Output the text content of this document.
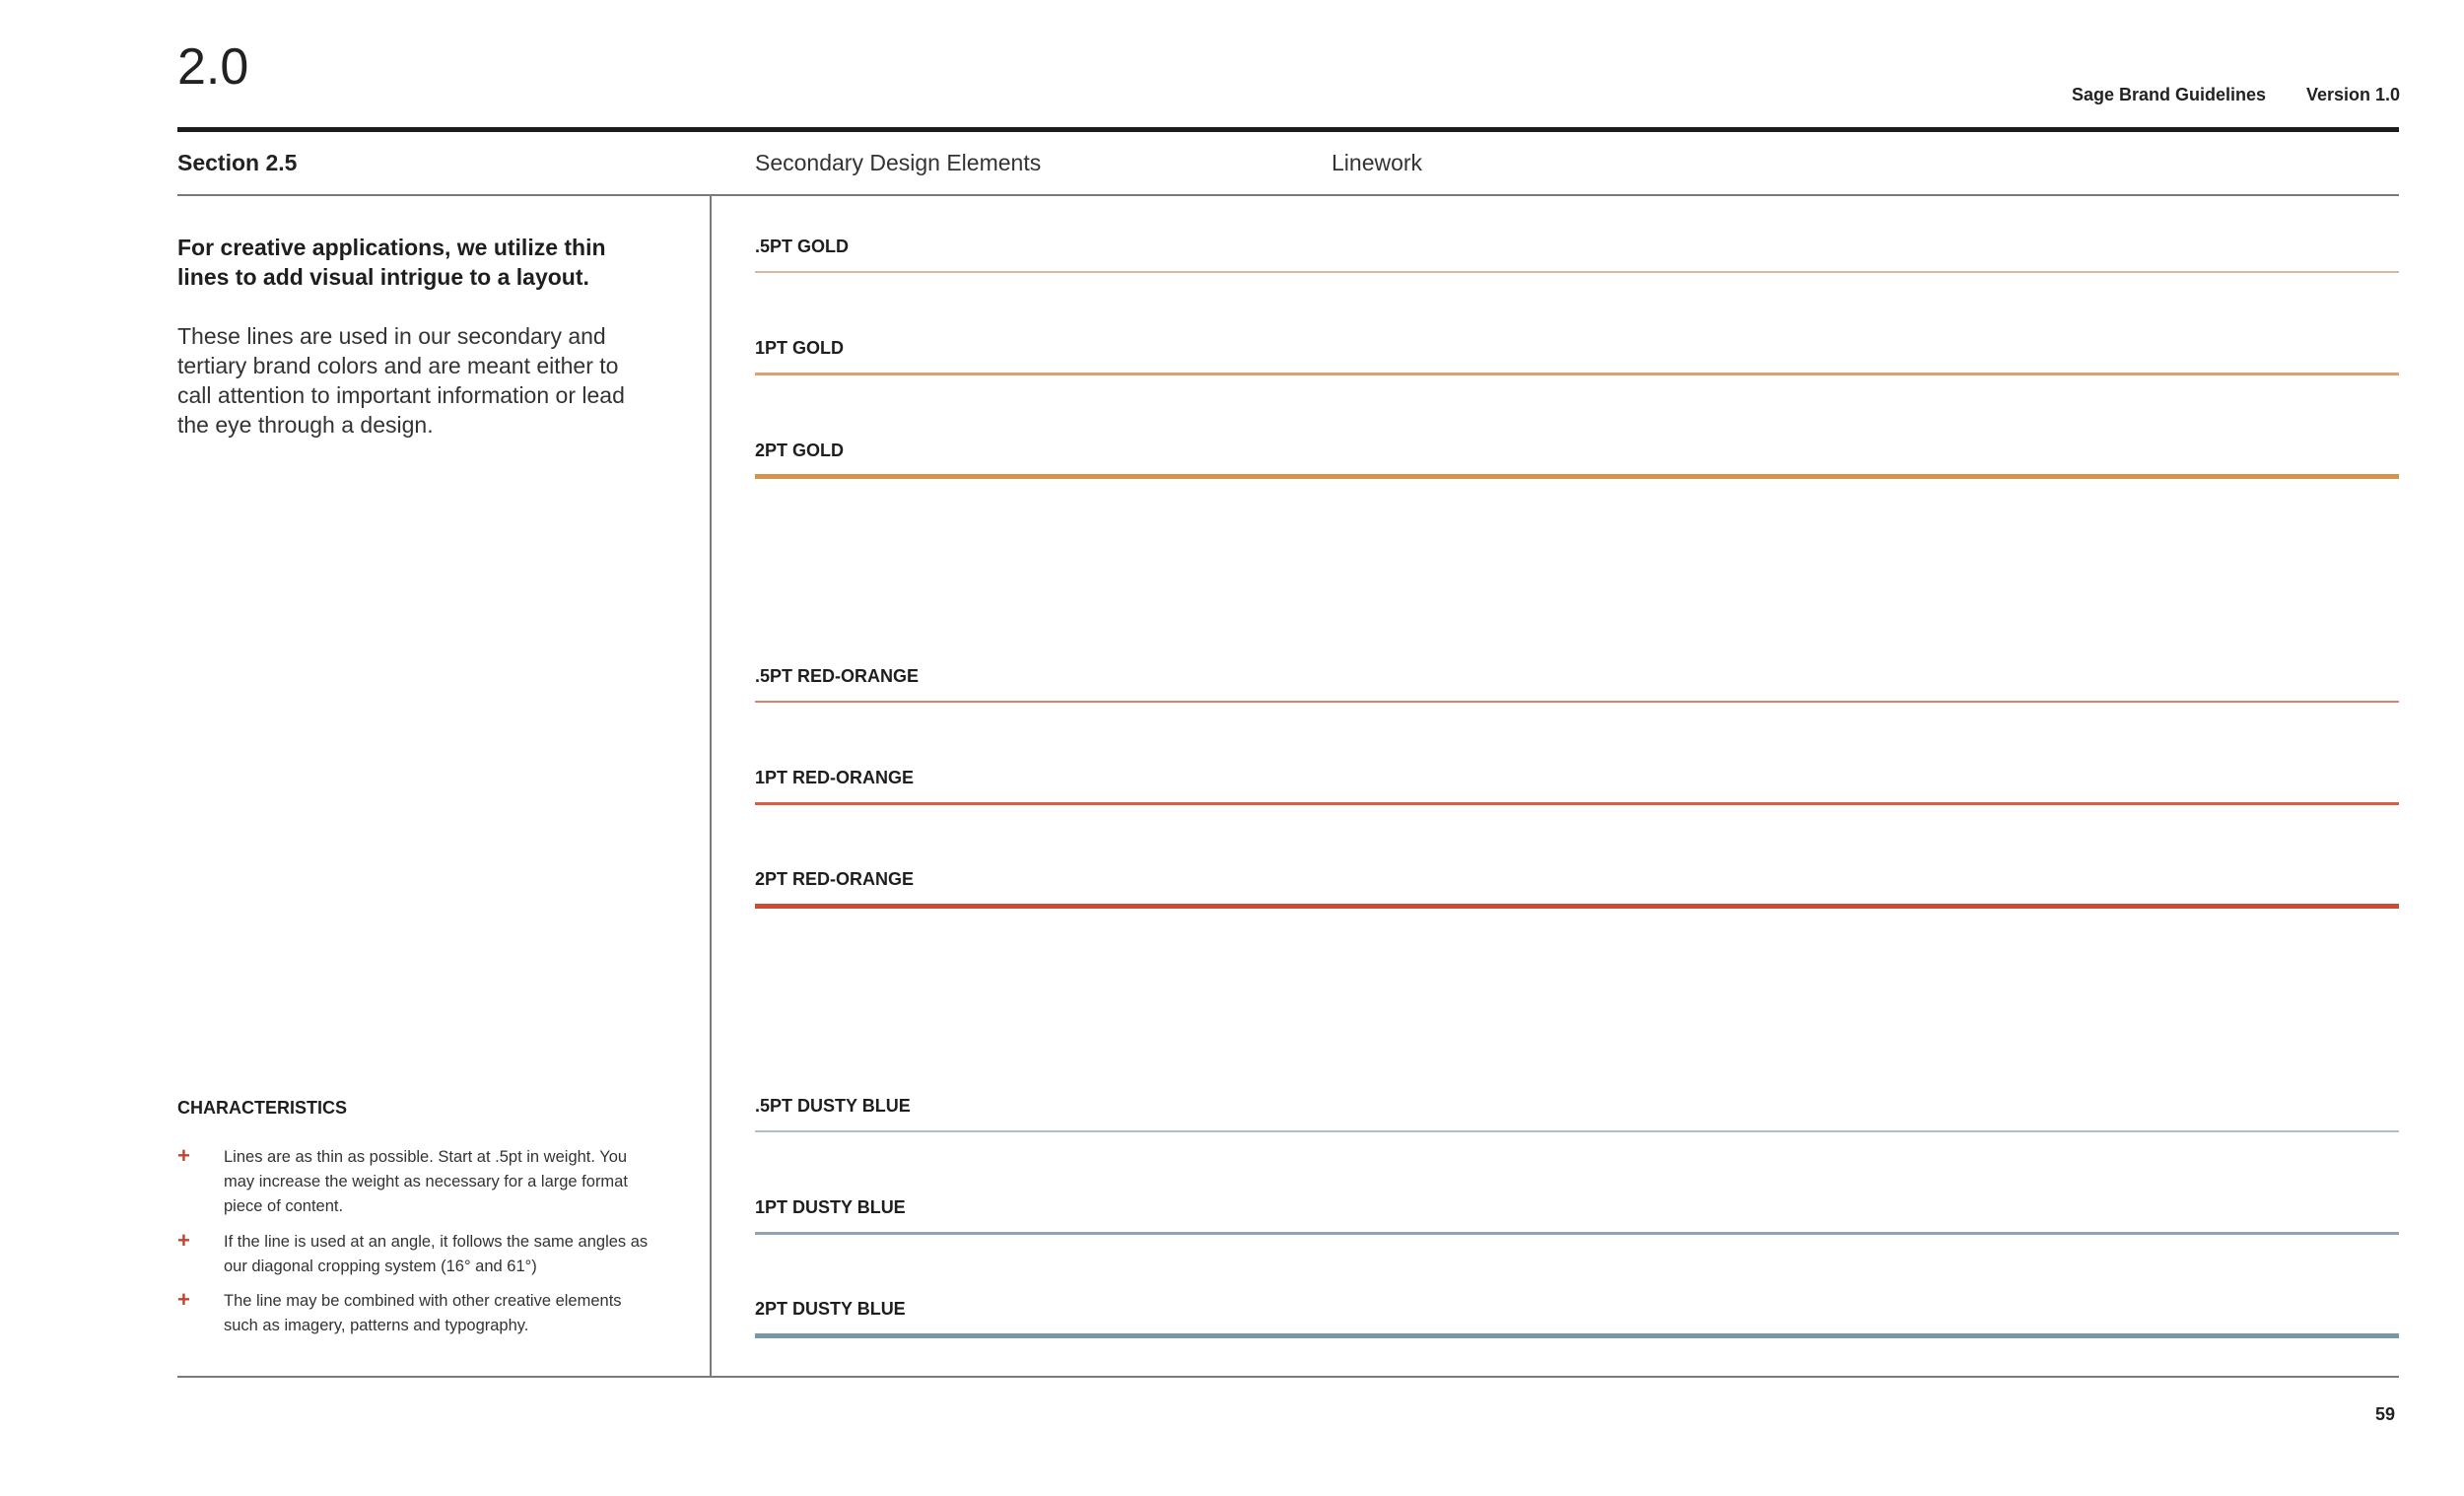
2.0	Sage Brand Guidelines Version 1.0
Section 2.5	Secondary Design Elements	Linework
For creative applications, we utilize thin lines to add visual intrigue to a layout.
These lines are used in our secondary and tertiary brand colors and are meant either to call attention to important information or lead the eye through a design.
CHARACTERISTICS
+ Lines are as thin as possible. Start at .5pt in weight. You may increase the weight as necessary for a large format piece of content.
+ If the line is used at an angle, it follows the same angles as our diagonal cropping system (16° and 61°)
+ The line may be combined with other creative elements such as imagery, patterns and typography.
.5PT GOLD
1PT GOLD
2PT GOLD
.5PT RED-ORANGE
1PT RED-ORANGE
2PT RED-ORANGE
.5PT DUSTY BLUE
1PT DUSTY BLUE
2PT DUSTY BLUE
59
